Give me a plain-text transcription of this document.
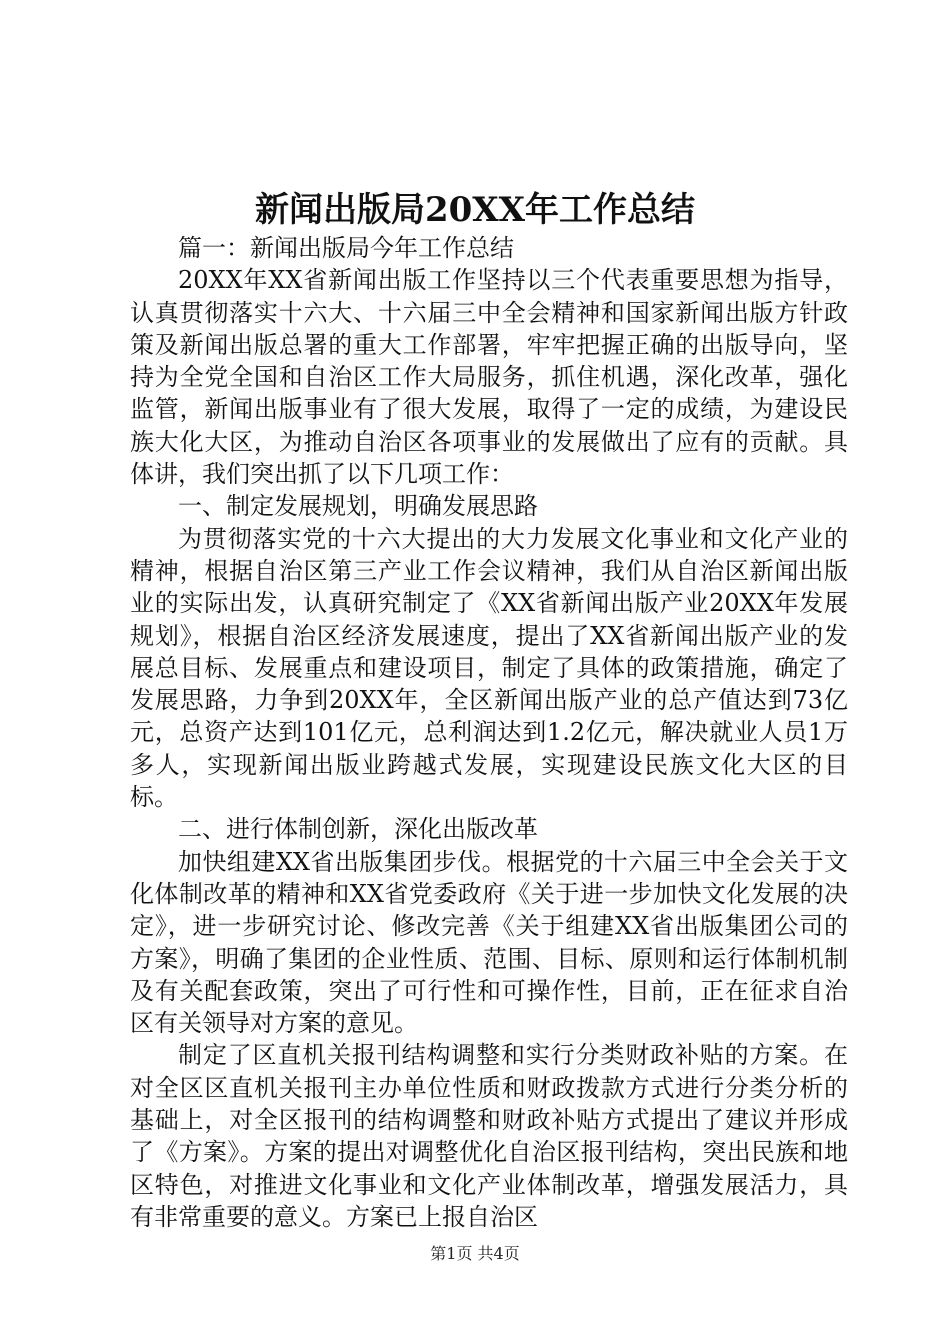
新闻出版局20XX年工作总结

篇一：新闻出版局今年工作总结

20XX年XX省新闻出版工作坚持以三个代表重要思想为指导，认真贯彻落实十六大、十六届三中全会精神和国家新闻出版方针政策及新闻出版总署的重大工作部署，牢牢把握正确的出版导向，坚持为全党全国和自治区工作大局服务，抓住机遇，深化改革，强化监管，新闻出版事业有了很大发展，取得了一定的成绩，为建设民族大化大区，为推动自治区各项事业的发展做出了应有的贡献。具体讲，我们突出抓了以下几项工作：

一、制定发展规划，明确发展思路

为贯彻落实党的十六大提出的大力发展文化事业和文化产业的精神，根据自治区第三产业工作会议精神，我们从自治区新闻出版业的实际出发，认真研究制定了《XX省新闻出版产业20XX年发展规划》，根据自治区经济发展速度，提出了XX省新闻出版产业的发展总目标、发展重点和建设项目，制定了具体的政策措施，确定了发展思路，力争到20XX年，全区新闻出版产业的总产值达到73亿元，总资产达到101亿元，总利润达到1.2亿元，解决就业人员1万多人，实现新闻出版业跨越式发展，实现建设民族文化大区的目标。

二、进行体制创新，深化出版改革

加快组建XX省出版集团步伐。根据党的十六届三中全会关于文化体制改革的精神和XX省党委政府《关于进一步加快文化发展的决定》，进一步研究讨论、修改完善《关于组建XX省出版集团公司的方案》，明确了集团的企业性质、范围、目标、原则和运行体制机制及有关配套政策，突出了可行性和可操作性，目前，正在征求自治区有关领导对方案的意见。

制定了区直机关报刊结构调整和实行分类财政补贴的方案。在对全区区直机关报刊主办单位性质和财政拨款方式进行分类分析的基础上，对全区报刊的结构调整和财政补贴方式提出了建议并形成了《方案》。方案的提出对调整优化自治区报刊结构，突出民族和地区特色，对推进文化事业和文化产业体制改革，增强发展活力，具有非常重要的意义。方案已上报自治区

第1页 共4页
